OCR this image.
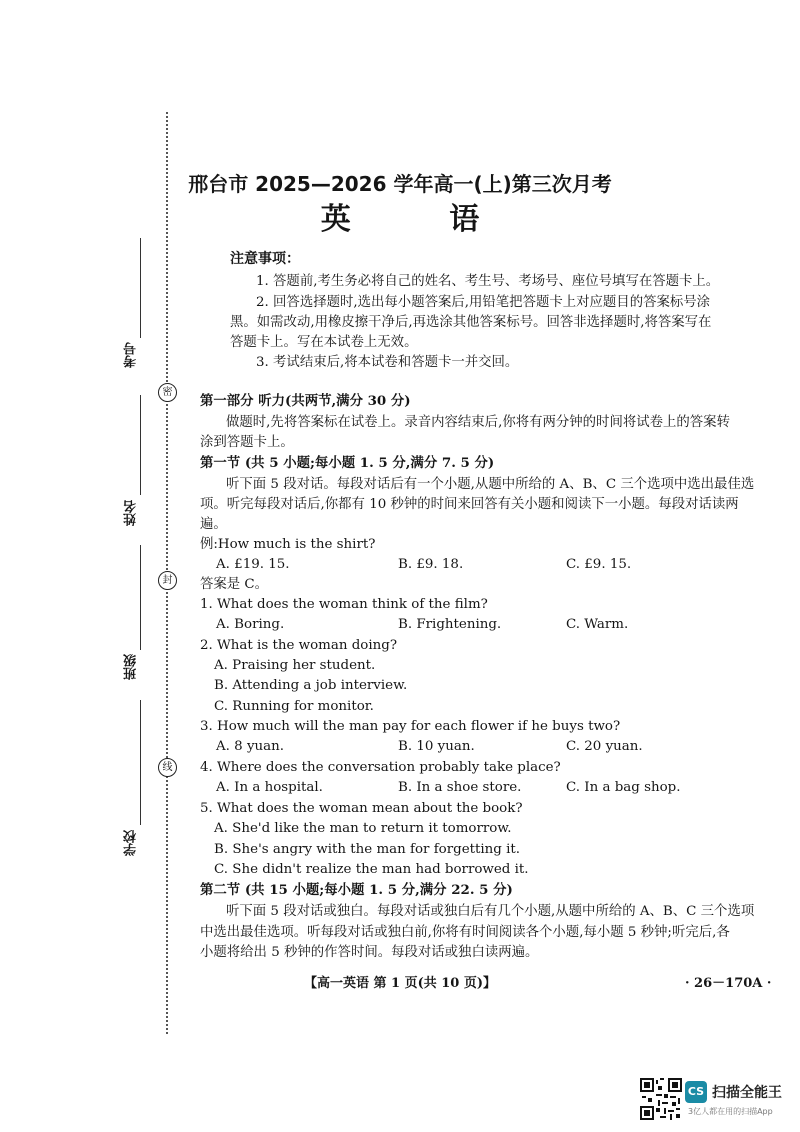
密
封
线
考号
姓名
班级
学校
邢台市 2025—2026 学年高一(上)第三次月考
英 语
注意事项：
1. 答题前,考生务必将自己的姓名、考生号、考场号、座位号填写在答题卡上。
2. 回答选择题时,选出每小题答案后,用铅笔把答题卡上对应题目的答案标号涂
黑。如需改动,用橡皮擦干净后,再选涂其他答案标号。回答非选择题时,将答案写在
答题卡上。写在本试卷上无效。
3. 考试结束后,将本试卷和答题卡一并交回。
第一部分 听力(共两节,满分 30 分)
做题时,先将答案标在试卷上。录音内容结束后,你将有两分钟的时间将试卷上的答案转
涂到答题卡上。
第一节 (共 5 小题;每小题 1. 5 分,满分 7. 5 分)
听下面 5 段对话。每段对话后有一个小题,从题中所给的 A、B、C 三个选项中选出最佳选
项。听完每段对话后,你都有 10 秒钟的时间来回答有关小题和阅读下一小题。每段对话读两
遍。
例:How much is the shirt?
A. £19. 15.	B. £9. 18.	C. £9. 15.
答案是 C。
1. What does the woman think of the film?
A. Boring.	B. Frightening.	C. Warm.
2. What is the woman doing?
A. Praising her student.
B. Attending a job interview.
C. Running for monitor.
3. How much will the man pay for each flower if he buys two?
A. 8 yuan.	B. 10 yuan.	C. 20 yuan.
4. Where does the conversation probably take place?
A. In a hospital.	B. In a shoe store.	C. In a bag shop.
5. What does the woman mean about the book?
A. She'd like the man to return it tomorrow.
B. She's angry with the man for forgetting it.
C. She didn't realize the man had borrowed it.
第二节 (共 15 小题;每小题 1. 5 分,满分 22. 5 分)
听下面 5 段对话或独白。每段对话或独白后有几个小题,从题中所给的 A、B、C 三个选项
中选出最佳选项。听每段对话或独白前,你将有时间阅读各个小题,每小题 5 秒钟;听完后,各
小题将给出 5 秒钟的作答时间。每段对话或独白读两遍。
【高一英语 第 1 页(共 10 页)】	· 26－170A ·
CS 扫描全能王
3亿人都在用的扫描App
